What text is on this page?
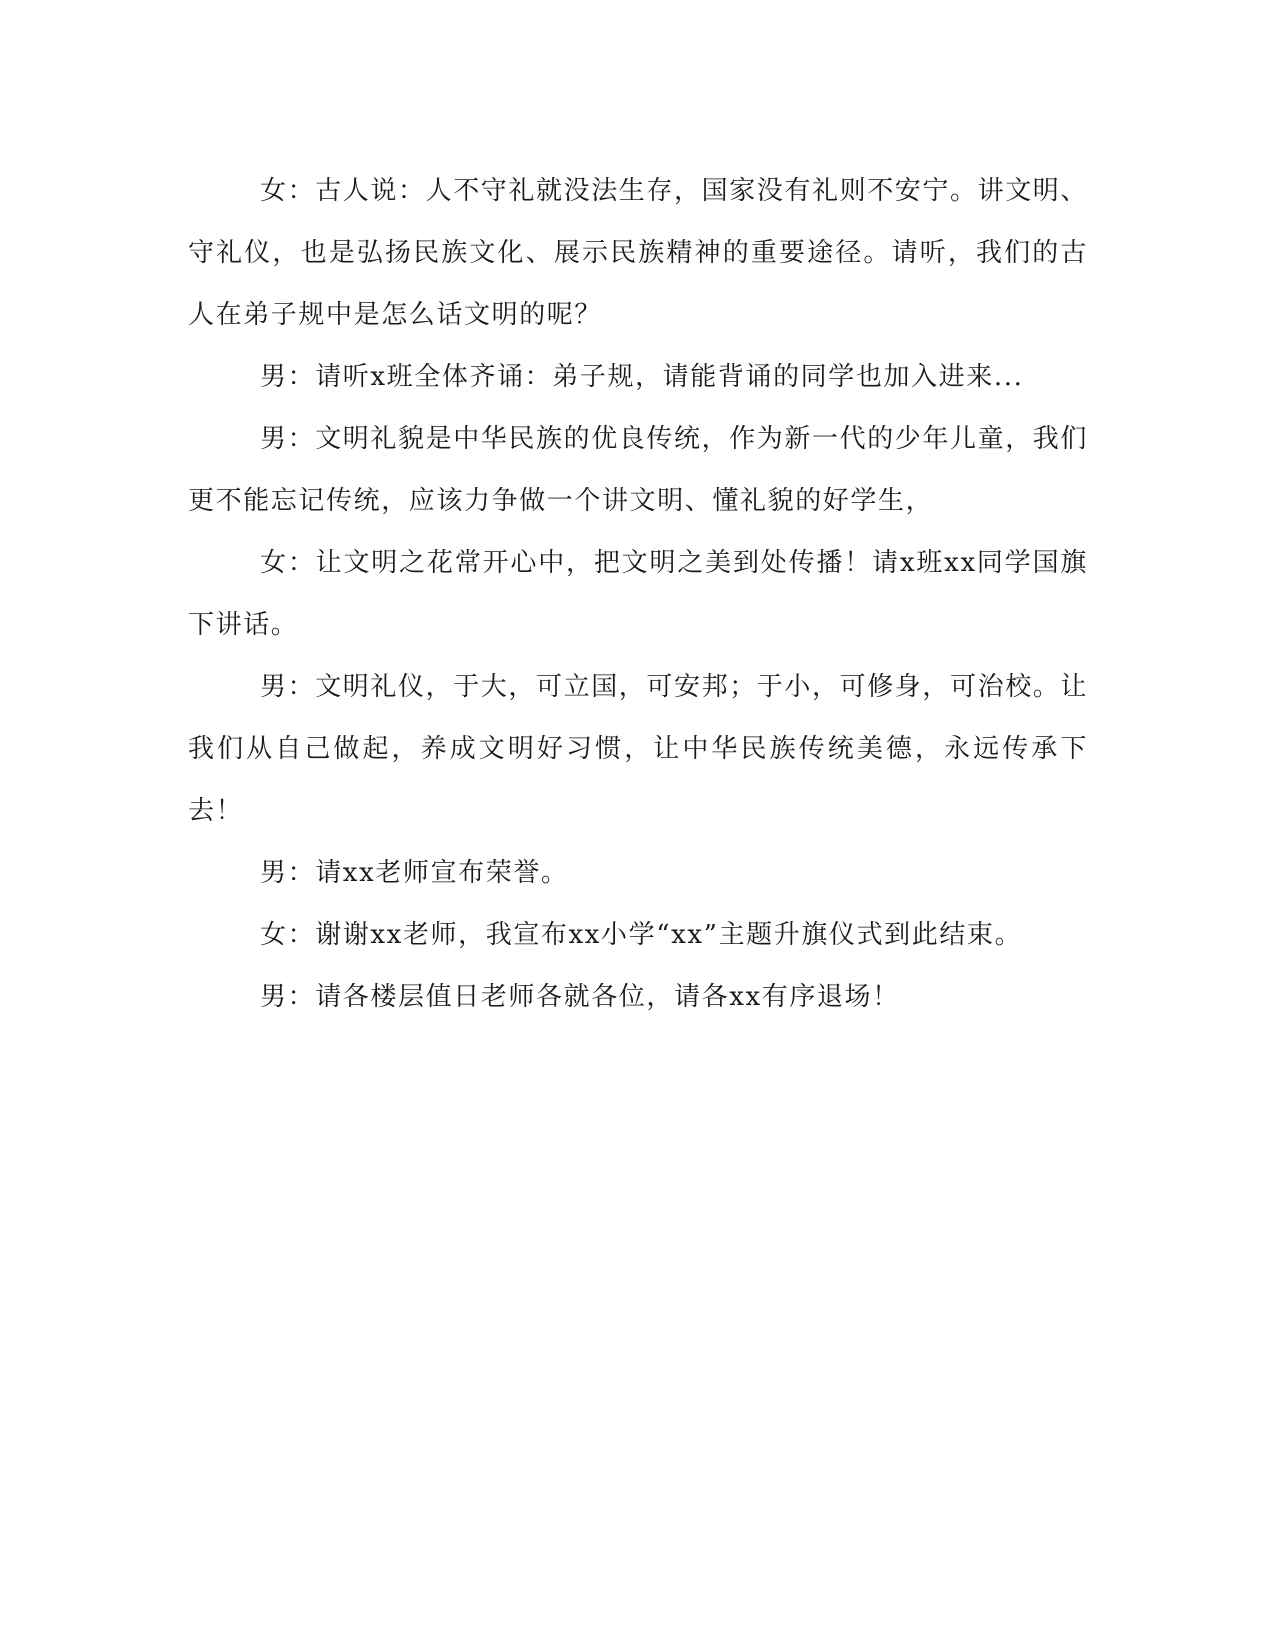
女：古人说：人不守礼就没法生存，国家没有礼则不安宁。讲文明、守礼仪，也是弘扬民族文化、展示民族精神的重要途径。请听，我们的古人在弟子规中是怎么话文明的呢？

男：请听x班全体齐诵：弟子规，请能背诵的同学也加入进来...

男：文明礼貌是中华民族的优良传统，作为新一代的少年儿童，我们更不能忘记传统，应该力争做一个讲文明、懂礼貌的好学生，

女：让文明之花常开心中，把文明之美到处传播！请x班xx同学国旗下讲话。

男：文明礼仪，于大，可立国，可安邦；于小，可修身，可治校。让我们从自己做起，养成文明好习惯，让中华民族传统美德，永远传承下去！

男：请xx老师宣布荣誉。

女：谢谢xx老师，我宣布xx小学“xx”主题升旗仪式到此结束。

男：请各楼层值日老师各就各位，请各xx有序退场！
